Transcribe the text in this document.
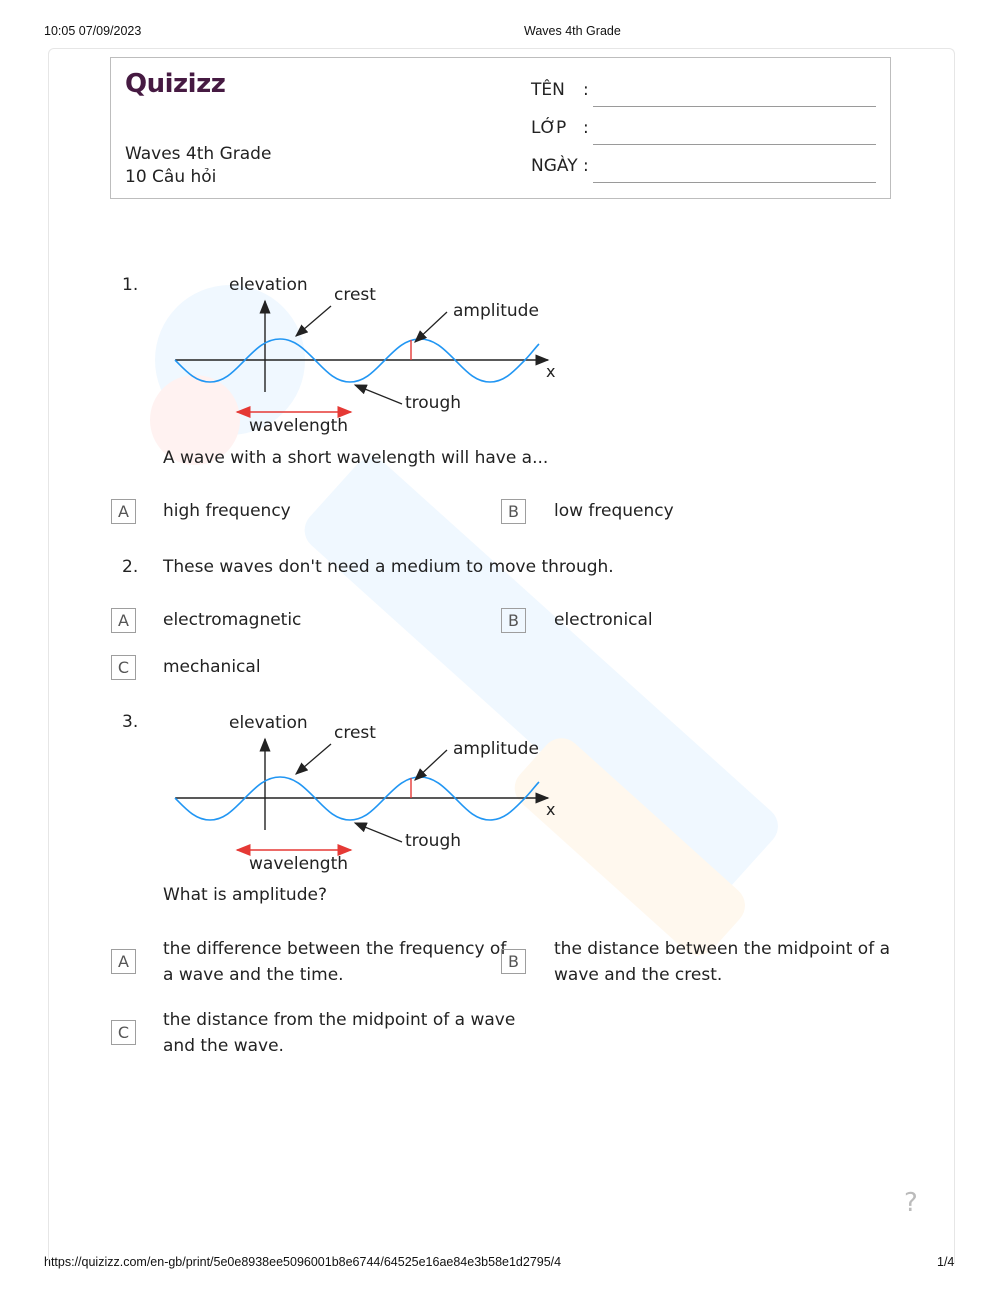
10:05 07/09/2023	Waves 4th Grade
https://quizizz.com/en-gb/print/5e0e8938ee5096001b8e6744/64525e16ae84e3b58e1d2795/4	1/4
Quizizz
Waves 4th Grade
10 Câu hỏi
TÊN :
LỚP :
NGÀY :
1.	elevation crest
amplitude
x
trough
wavelength
A wave with a short wavelength will have a...
A	high frequency	B	low frequency
2. These waves don't need a medium to move through.
A	electromagnetic	B	electronical
C	mechanical
3.	elevation crest
amplitude
x
trough
wavelength
What is amplitude?
A
the difference between the frequency of
a wave and the time.
B
the distance between the midpoint of a
wave and the crest.
C
the distance from the midpoint of a wave
and the wave.
?
